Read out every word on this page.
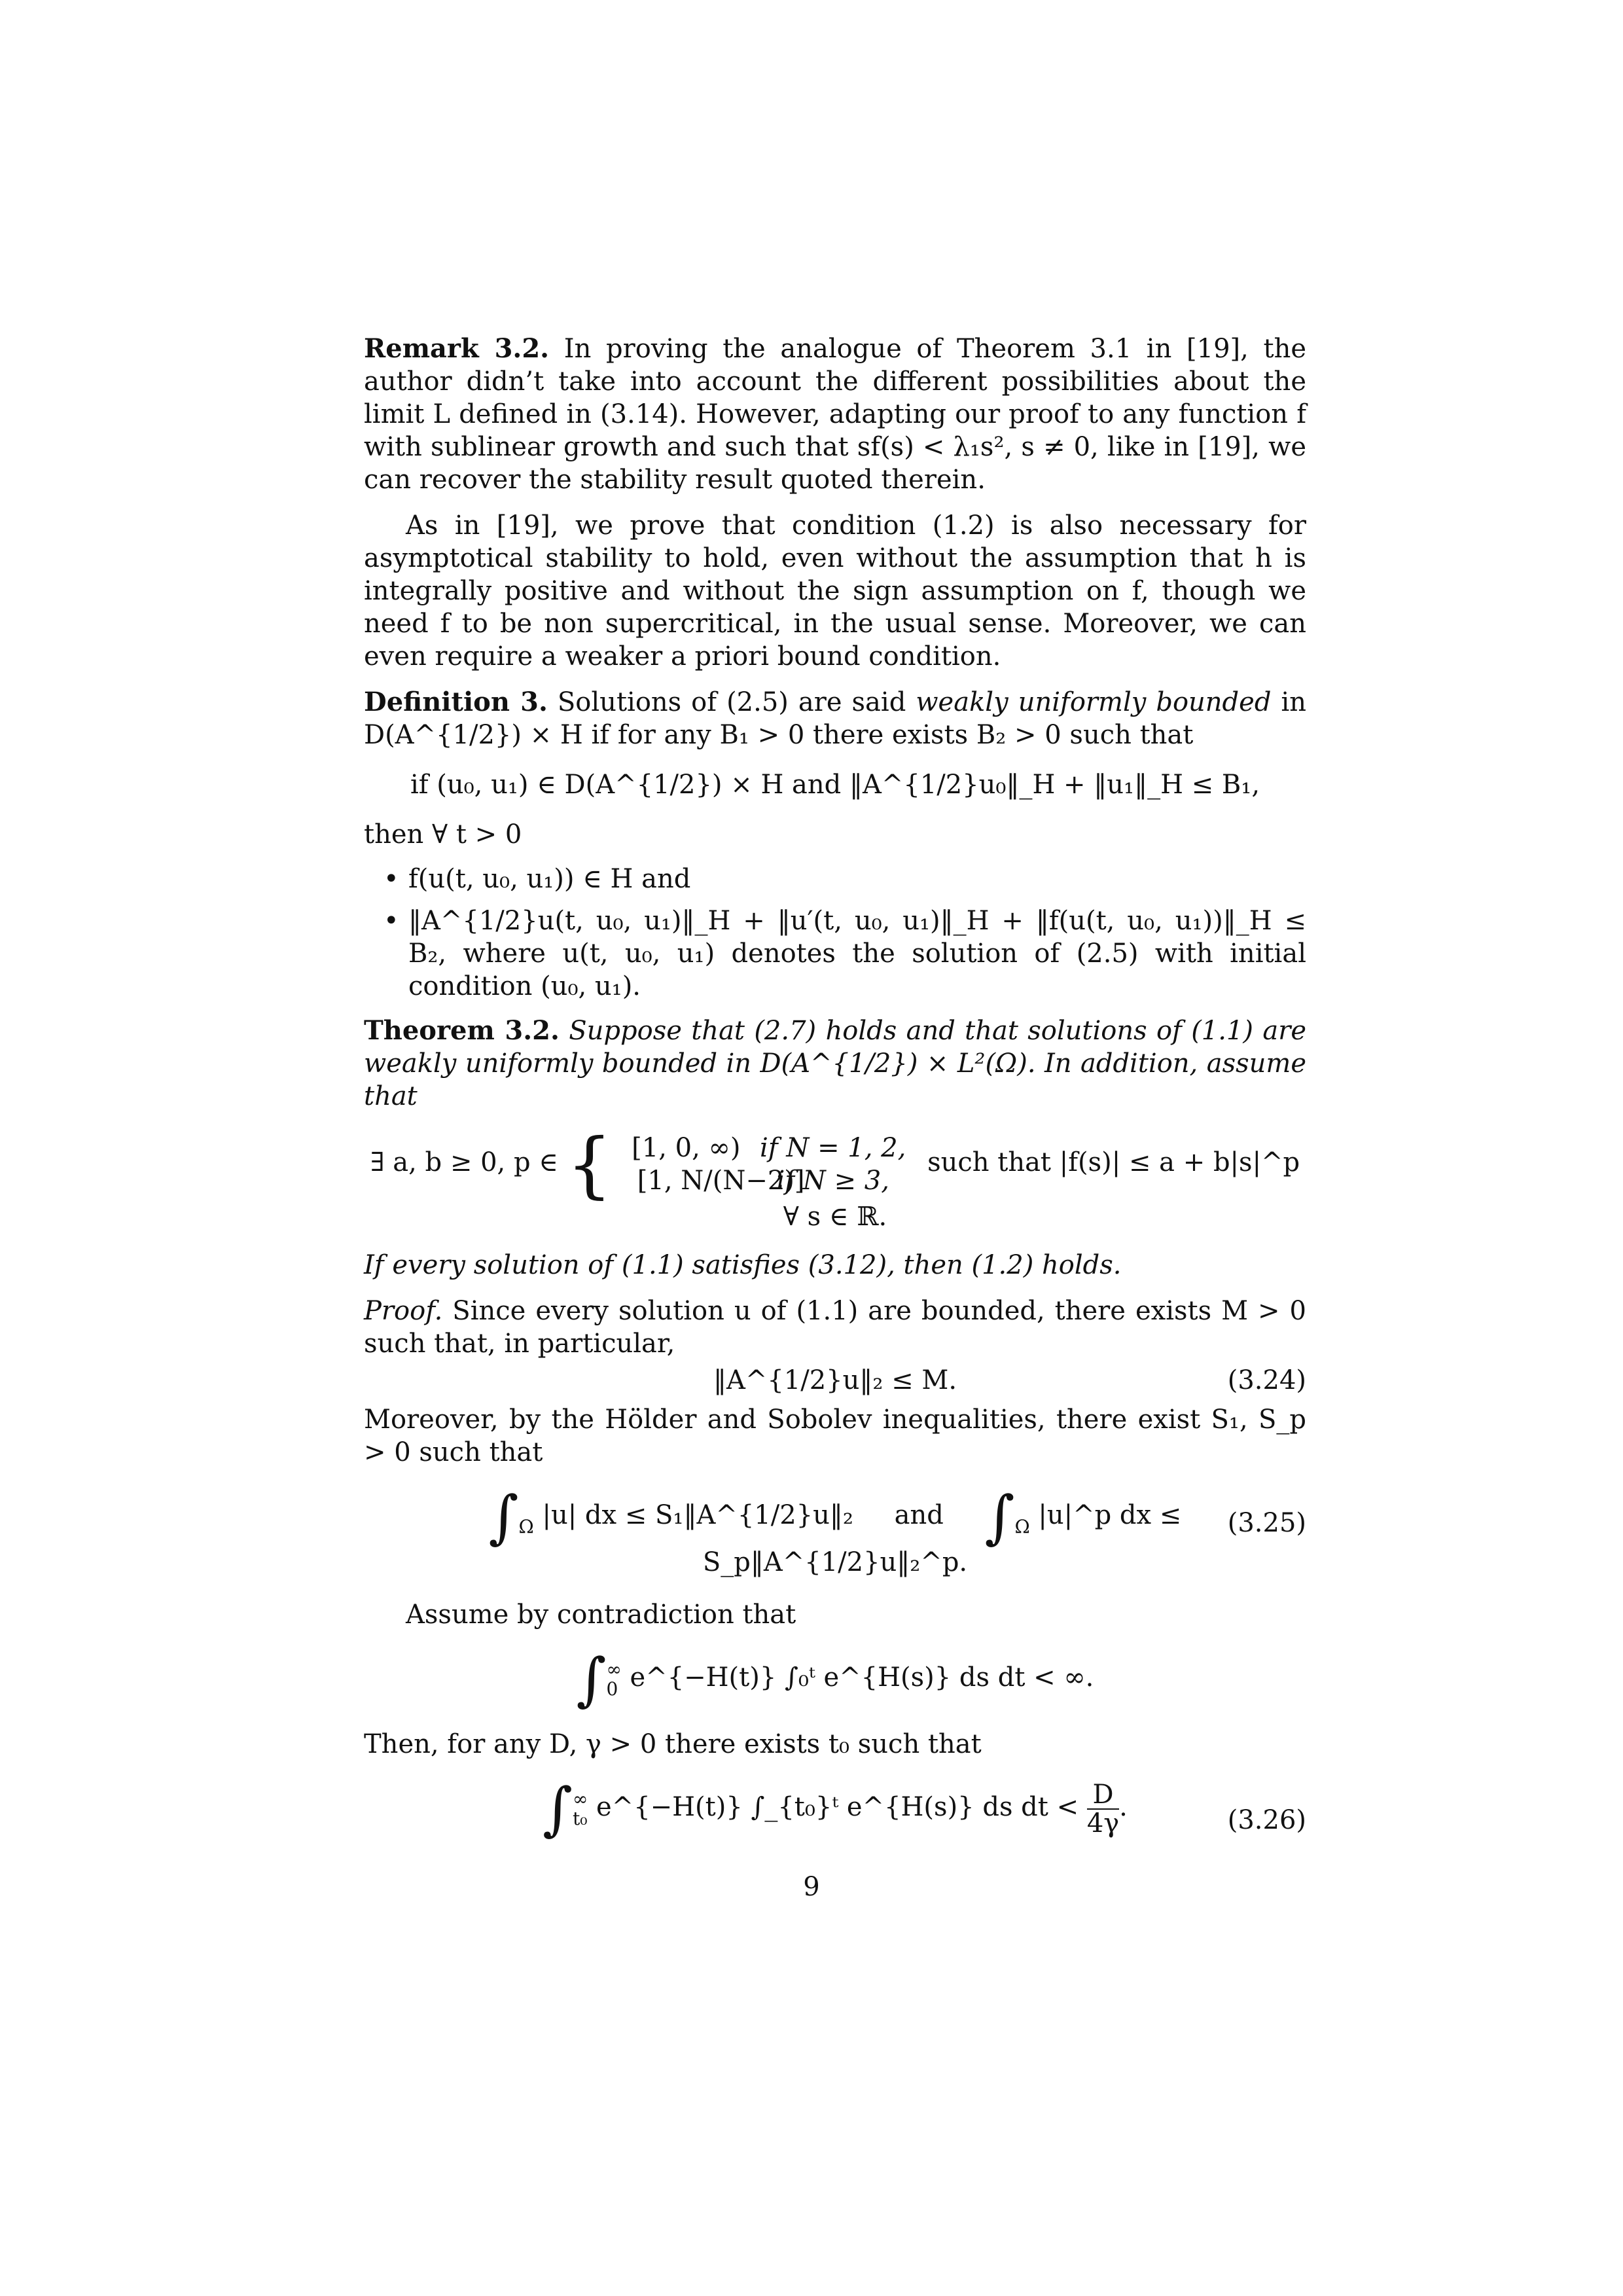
Remark 3.2. In proving the analogue of Theorem 3.1 in [19], the author didn’t take into account the different possibilities about the limit L defined in (3.14). However, adapting our proof to any function f with sublinear growth and such that sf(s) < λ₁s², s ≠ 0, like in [19], we can recover the stability result quoted therein.

As in [19], we prove that condition (1.2) is also necessary for asymptotical stability to hold, even without the assumption that h is integrally positive and without the sign assumption on f, though we need f to be non supercritical, in the usual sense. Moreover, we can even require a weaker a priori bound condition.

Definition 3. Solutions of (2.5) are said weakly uniformly bounded in D(A^{1/2}) × H if for any B₁ > 0 there exists B₂ > 0 such that

if (u₀, u₁) ∈ D(A^{1/2}) × H and ‖A^{1/2}u₀‖_H + ‖u₁‖_H ≤ B₁,

then ∀ t > 0

• f(u(t, u₀, u₁)) ∈ H and
• ‖A^{1/2}u(t, u₀, u₁)‖_H + ‖u′(t, u₀, u₁)‖_H + ‖f(u(t, u₀, u₁))‖_H ≤ B₂, where u(t, u₀, u₁) denotes the solution of (2.5) with initial condition (u₀, u₁).

Theorem 3.2. Suppose that (2.7) holds and that solutions of (1.1) are weakly uniformly bounded in D(A^{1/2}) × L²(Ω). In addition, assume that

∃ a, b ≥ 0, p ∈ { [1, 0, ∞) if N = 1, 2,
[1, N/(N−2)] if N ≥ 3,
such that |f(s)| ≤ a + b|s|^p ∀ s ∈ ℝ.

If every solution of (1.1) satisfies (3.12), then (1.2) holds.

Proof. Since every solution u of (1.1) are bounded, there exists M > 0 such that, in particular,

‖A^{1/2}u‖₂ ≤ M.	(3.24)

Moreover, by the Hölder and Sobolev inequalities, there exist S₁, S_p > 0 such that

∫
Ω |u| dx ≤ S₁‖A^{1/2}u‖₂ and ∫
Ω |u|^p dx ≤ S_p‖A^{1/2}u‖₂^p.
(3.25)

Assume by contradiction that

∫∞
0 e^{−H(t)} ∫₀ᵗ e^{H(s)} ds dt < ∞.

Then, for any D, γ > 0 there exists t₀ such that

∫∞
t₀ e^{−H(t)} ∫_{t₀}ᵗ e^{H(s)} ds dt < $\frac{D}{4\gamma}$ .	(3.26)
9
